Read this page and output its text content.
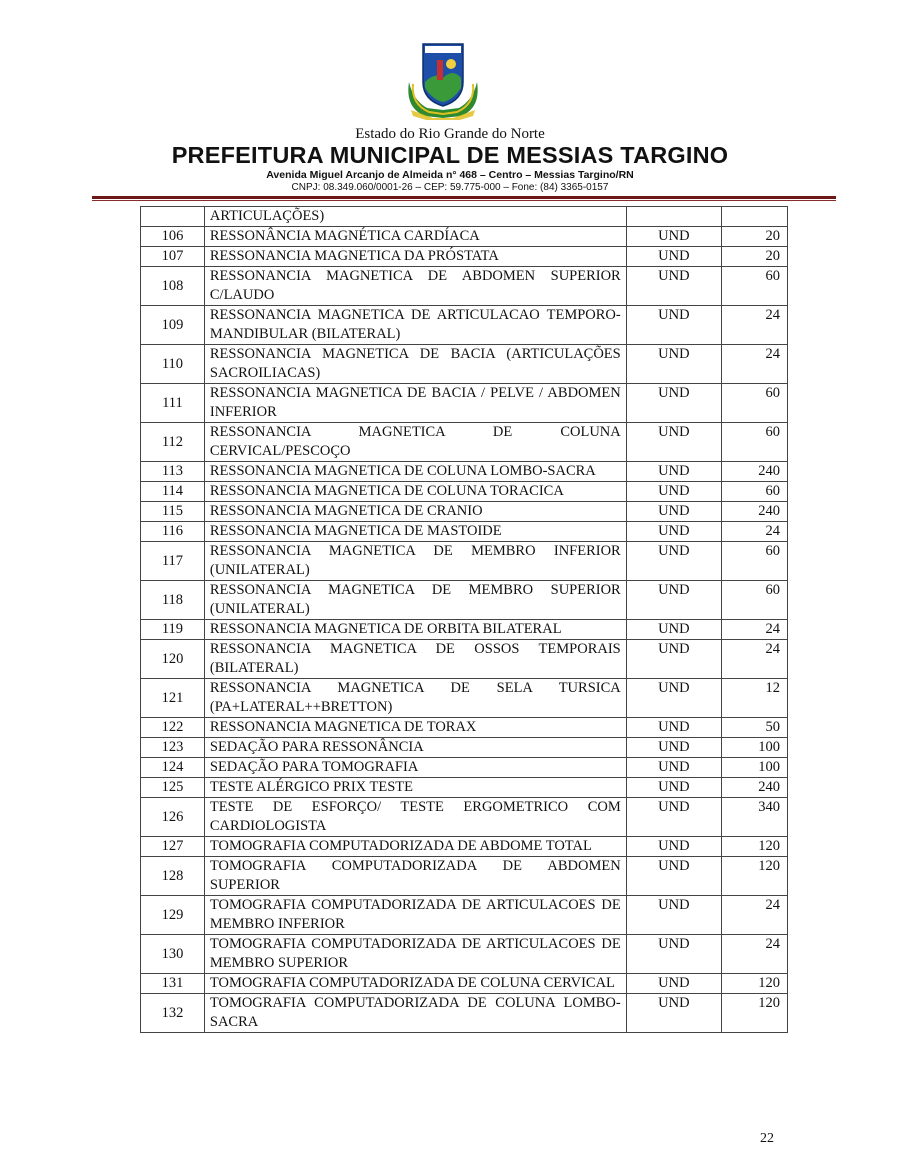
Estado do Rio Grande do Norte
PREFEITURA MUNICIPAL DE MESSIAS TARGINO
Avenida Miguel Arcanjo de Almeida n° 468 – Centro – Messias Targino/RN
CNPJ: 08.349.060/0001-26 – CEP: 59.775-000 – Fone: (84) 3365-0157
	ARTICULAÇÕES)		
106	RESSONÂNCIA MAGNÉTICA CARDÍACA	UND	20
107	RESSONANCIA MAGNETICA DA PRÓSTATA	UND	20
108	RESSONANCIA MAGNETICA DE ABDOMEN SUPERIOR C/LAUDO	UND	60
109	RESSONANCIA MAGNETICA DE ARTICULACAO TEMPORO-MANDIBULAR (BILATERAL)	UND	24
110	RESSONANCIA MAGNETICA DE BACIA (ARTICULAÇÕES SACROILIACAS)	UND	24
111	RESSONANCIA MAGNETICA DE BACIA / PELVE / ABDOMEN INFERIOR	UND	60
112	RESSONANCIA MAGNETICA DE COLUNA CERVICAL/PESCOÇO	UND	60
113	RESSONANCIA MAGNETICA DE COLUNA LOMBO-SACRA	UND	240
114	RESSONANCIA MAGNETICA DE COLUNA TORACICA	UND	60
115	RESSONANCIA MAGNETICA DE CRANIO	UND	240
116	RESSONANCIA MAGNETICA DE MASTOIDE	UND	24
117	RESSONANCIA MAGNETICA DE MEMBRO INFERIOR (UNILATERAL)	UND	60
118	RESSONANCIA MAGNETICA DE MEMBRO SUPERIOR (UNILATERAL)	UND	60
119	RESSONANCIA MAGNETICA DE ORBITA BILATERAL	UND	24
120	RESSONANCIA MAGNETICA DE OSSOS TEMPORAIS (BILATERAL)	UND	24
121	RESSONANCIA MAGNETICA DE SELA TURSICA (PA+LATERAL++BRETTON)	UND	12
122	RESSONANCIA MAGNETICA DE TORAX	UND	50
123	SEDAÇÃO PARA RESSONÂNCIA	UND	100
124	SEDAÇÃO PARA TOMOGRAFIA	UND	100
125	TESTE ALÉRGICO PRIX TESTE	UND	240
126	TESTE DE ESFORÇO/ TESTE ERGOMETRICO COM CARDIOLOGISTA	UND	340
127	TOMOGRAFIA COMPUTADORIZADA DE ABDOME TOTAL	UND	120
128	TOMOGRAFIA COMPUTADORIZADA DE ABDOMEN SUPERIOR	UND	120
129	TOMOGRAFIA COMPUTADORIZADA DE ARTICULACOES DE MEMBRO INFERIOR	UND	24
130	TOMOGRAFIA COMPUTADORIZADA DE ARTICULACOES DE MEMBRO SUPERIOR	UND	24
131	TOMOGRAFIA COMPUTADORIZADA DE COLUNA CERVICAL	UND	120
132	TOMOGRAFIA COMPUTADORIZADA DE COLUNA LOMBO-SACRA	UND	120
22
